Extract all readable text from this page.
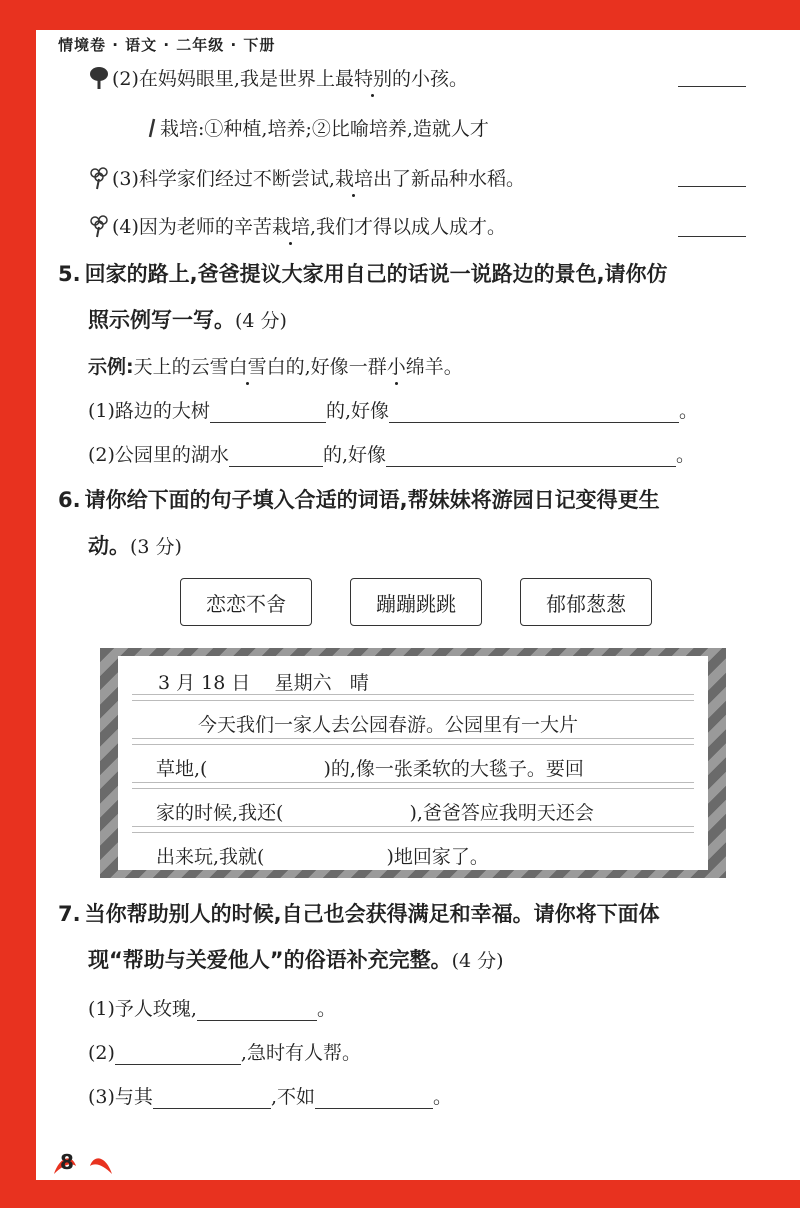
情境卷 · 语文 · 二年级 · 下册
(2)在妈妈眼里,我是世界上最特别的小孩。
栽培:①种植,培养;②比喻培养,造就人才
(3)科学家们经过不断尝试,栽培出了新品种水稻。
(4)因为老师的辛苦栽培,我们才得以成人成才。
5. 回家的路上,爸爸提议大家用自己的话说一说路边的景色,请你仿
照示例写一写。(4 分)
示例:天上的云雪白雪白的,好像一群小绵羊。
(1)路边的大树	的,好像	。
(2)公园里的湖水	的,好像	。
6. 请你给下面的句子填入合适的词语,帮妹妹将游园日记变得更生
动。(3 分)
恋恋不舍	蹦蹦跳跳	郁郁葱葱
3 月 18 日 星期六 晴
今天我们一家人去公园春游。公园里有一大片
草地,(	)的,像一张柔软的大毯子。要回
家的时候,我还(	),爸爸答应我明天还会
出来玩,我就(	)地回家了。
7. 当你帮助别人的时候,自己也会获得满足和幸福。请你将下面体
现“帮助与关爱他人”的俗语补充完整。(4 分)
(1)予人玫瑰,	。
(2)	,急时有人帮。
(3)与其	,不如	。
8
